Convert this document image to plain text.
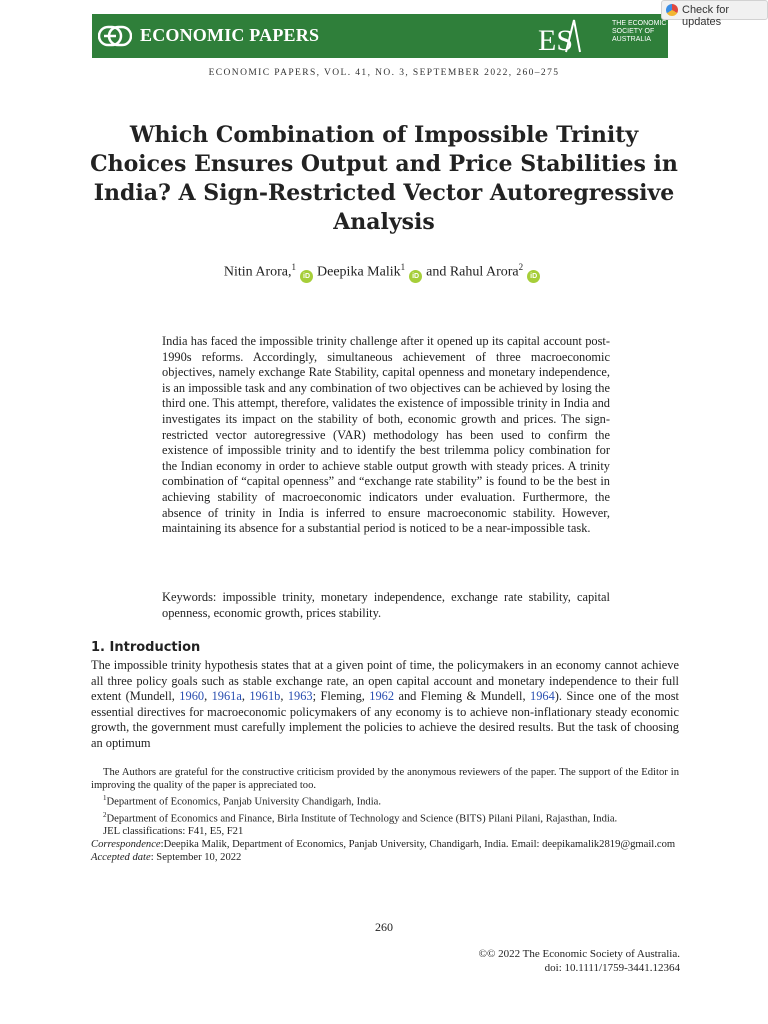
ECONOMIC PAPERS	ES
THE ECONOMIC SOCIETY OF AUSTRALIA
Check for updates
ECONOMIC PAPERS, VOL. 41, NO. 3, SEPTEMBER 2022, 260–275
Which Combination of Impossible Trinity Choices Ensures Output and Price Stabilities in India? A Sign-Restricted Vector Autoregressive Analysis
Nitin Arora,$^1$iD Deepika Malik$^1$iD and Rahul Arora$^2$iD
India has faced the impossible trinity challenge after it opened up its capital account post-1990s reforms. Accordingly, simultaneous achievement of three macroeconomic objectives, namely exchange Rate Stability, capital openness and monetary independence, is an impossible task and any combination of two objectives can be achieved by losing the third one. This attempt, therefore, validates the existence of impossible trinity in India and investigates its impact on the stability of both, economic growth and prices. The sign-restricted vector autoregressive (VAR) methodology has been used to confirm the existence of impossible trinity and to identify the best trilemma policy combination for the Indian economy in order to achieve stable output growth with steady prices. A trinity combination of “capital openness” and “exchange rate stability” is found to be the best in achieving stability of macroeconomic indicators under evaluation. Furthermore, the absence of trinity in India is inferred to ensure macroeconomic stability. However, maintaining its absence for a substantial period is noticed to be a near-impossible task.
Keywords: impossible trinity, monetary independence, exchange rate stability, capital openness, economic growth, prices stability.
1. Introduction
The impossible trinity hypothesis states that at a given point of time, the policymakers in an economy cannot achieve all three policy goals such as stable exchange rate, an open capital account and monetary independence to their full extent (Mundell, 1960, 1961a, 1961b, 1963; Fleming, 1962 and Fleming & Mundell, 1964). Since one of the most essential directives for macroeconomic policymakers of any economy is to achieve non-inflationary steady economic growth, the government must carefully implement the policies to achieve the desired results. But the task of choosing an optimum

The Authors are grateful for the constructive criticism provided by the anonymous reviewers of the paper. The support of the Editor in improving the quality of the paper is appreciated too.

$^1$Department of Economics, Panjab University Chandigarh, India.

$^2$Department of Economics and Finance, Birla Institute of Technology and Science (BITS) Pilani Pilani, Rajasthan, India.

JEL classifications: F41, E5, F21

Correspondence:Deepika Malik, Department of Economics, Panjab University, Chandigarh, India. Email: deepikamalik2819@gmail.com

Accepted date: September 10, 2022

260
©© 2022 The Economic Society of Australia.
doi: 10.1111/1759-3441.12364
